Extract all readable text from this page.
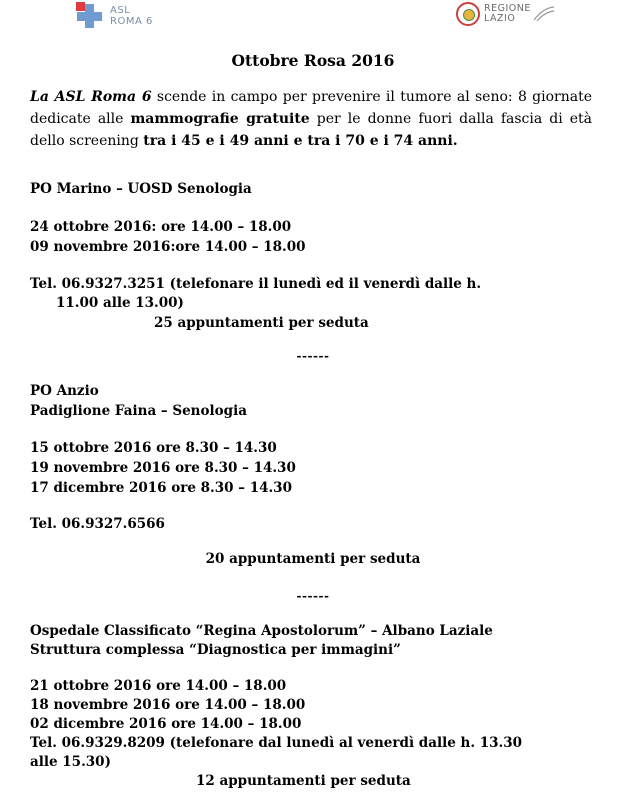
ASL
ROMA 6
REGIONE
LAZIO
Ottobre Rosa 2016
La ASL Roma 6 scende in campo per prevenire il tumore al seno: 8 giornate dedicate alle mammografie gratuite per le donne fuori dalla fascia di età dello screening tra i 45 e i 49 anni e tra i 70 e i 74 anni.
PO Marino – UOSD Senologia
24 ottobre 2016: ore 14.00 – 18.00
09 novembre 2016:ore 14.00 – 18.00
Tel. 06.9327.3251 (telefonare il lunedì ed il venerdì dalle h.
11.00 alle 13.00)
25 appuntamenti per seduta
------
PO Anzio
Padiglione Faina – Senologia
15 ottobre 2016 ore 8.30 – 14.30
19 novembre 2016 ore 8.30 – 14.30
17 dicembre 2016 ore 8.30 – 14.30
Tel. 06.9327.6566
20 appuntamenti per seduta
------
Ospedale Classificato “Regina Apostolorum” – Albano Laziale
Struttura complessa “Diagnostica per immagini”
21 ottobre 2016 ore 14.00 – 18.00
18 novembre 2016 ore 14.00 – 18.00
02 dicembre 2016 ore 14.00 – 18.00
Tel. 06.9329.8209 (telefonare dal lunedì al venerdì dalle h. 13.30
alle 15.30)
12 appuntamenti per seduta
